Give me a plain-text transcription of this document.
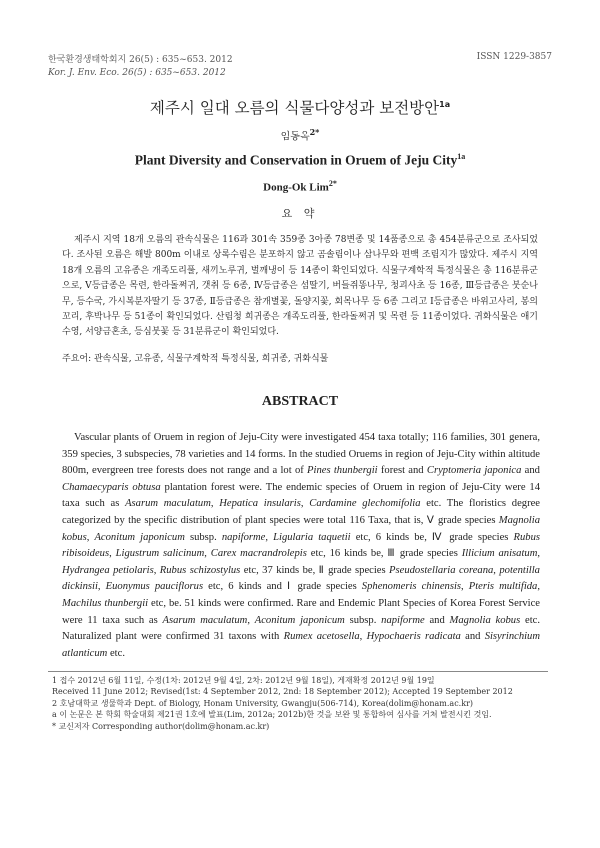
한국환경생태학회지 26(5) : 635~653. 2012	ISSN 1229-3857
Kor. J. Env. Eco. 26(5) : 635~653. 2012
제주시 일대 오름의 식물다양성과 보전방안$^{1a}$
임동옥$^{2*}$
Plant Diversity and Conservation in Oruem of Jeju City$^{1a}$
Dong-Ok Lim$^{2*}$
요 약

제주시 지역 18개 오름의 관속식물은 116과 301속 359종 3아종 78변종 및 14품종으로 총 454분류군으로 조사되었다. 조사된 오름은 해발 800m 이내로 상록수림은 분포하지 않고 곰솔림이나 삼나무와 편백 조림지가 많았다. 제주시 지역 18개 오름의 고유종은 개족도리풀, 새끼노루귀, 벌깨냉이 등 14종이 확인되었다. 식물구계학적 특정식물은 총 116분류군으로, Ⅴ등급종은 목련, 한라돌쩌귀, 갯취 등 6종, Ⅳ등급종은 섬딸기, 버들쥐똥나무, 청괴사초 등 16종, Ⅲ등급종은 붓순나무, 등수국, 가시복분자딸기 등 37종, Ⅱ등급종은 참개별꽃, 돌양지꽃, 회목나무 등 6종 그리고 Ⅰ등급종은 바위고사리, 봉의꼬리, 후박나무 등 51종이 확인되었다. 산림청 희귀종은 개족도리풀, 한라돌쩌귀 및 목련 등 11종이었다. 귀화식물은 애기수영, 서양금혼초, 등심붓꽃 등 31분류군이 확인되었다.

주요어: 관속식물, 고유종, 식물구계학적 특정식물, 희귀종, 귀화식물
ABSTRACT

Vascular plants of Oruem in region of Jeju-City were investigated 454 taxa totally; 116 families, 301 genera, 359 species, 3 subspecies, 78 varieties and 14 forms. In the studied Oruems in region of Jeju-City within altitude 800m, evergreen tree forests does not range and a lot of Pines thunbergii forest and Cryptomeria japonica and Chamaecyparis obtusa plantation forest were. The endemic species of Oruem in region of Jeju-City were 14 taxa such as Asarum maculatum, Hepatica insularis, Cardamine glechomifolia etc. The floristics degree categorized by the specific distribution of plant species were total 116 Taxa, that is, Ⅴ grade species Magnolia kobus, Aconitum japonicum subsp. napiforme, Ligularia taquetii etc, 6 kinds be, Ⅳ grade species Rubus ribisoideus, Ligustrum salicinum, Carex macrandrolepis etc, 16 kinds be, Ⅲ grade species Illicium anisatum, Hydrangea petiolaris, Rubus schizostylus etc, 37 kinds be, Ⅱ grade species Pseudostellaria coreana, potentilla dickinsii, Euonymus pauciflorus etc, 6 kinds and Ⅰ grade species Sphenomeris chinensis, Pteris multifida, Machilus thunbergii etc, be. 51 kinds were confirmed. Rare and Endemic Plant Species of Korea Forest Service were 11 taxa such as Asarum maculatum, Aconitum japonicum subsp. napiforme and Magnolia kobus etc. Naturalized plant were confirmed 31 taxons with Rumex acetosella, Hypochaeris radicata and Sisyrinchium atlanticum etc.

1 접수 2012년 6월 11일, 수정(1차: 2012년 9월 4일, 2차: 2012년 9월 18일), 게재확정 2012년 9월 19일
Received 11 June 2012; Revised(1st: 4 September 2012, 2nd: 18 September 2012); Accepted 19 September 2012
2 호남대학교 생물학과 Dept. of Biology, Honam University, Gwangju(506-714), Korea(dolim@honam.ac.kr)
a 이 논문은 본 학회 학술대회 제21권 1호에 발표(Lim, 2012a; 2012b)한 것을 보완 및 통합하여 심사를 거쳐 발전시킨 것임.
* 교신저자 Corresponding author(dolim@honam.ac.kr)
